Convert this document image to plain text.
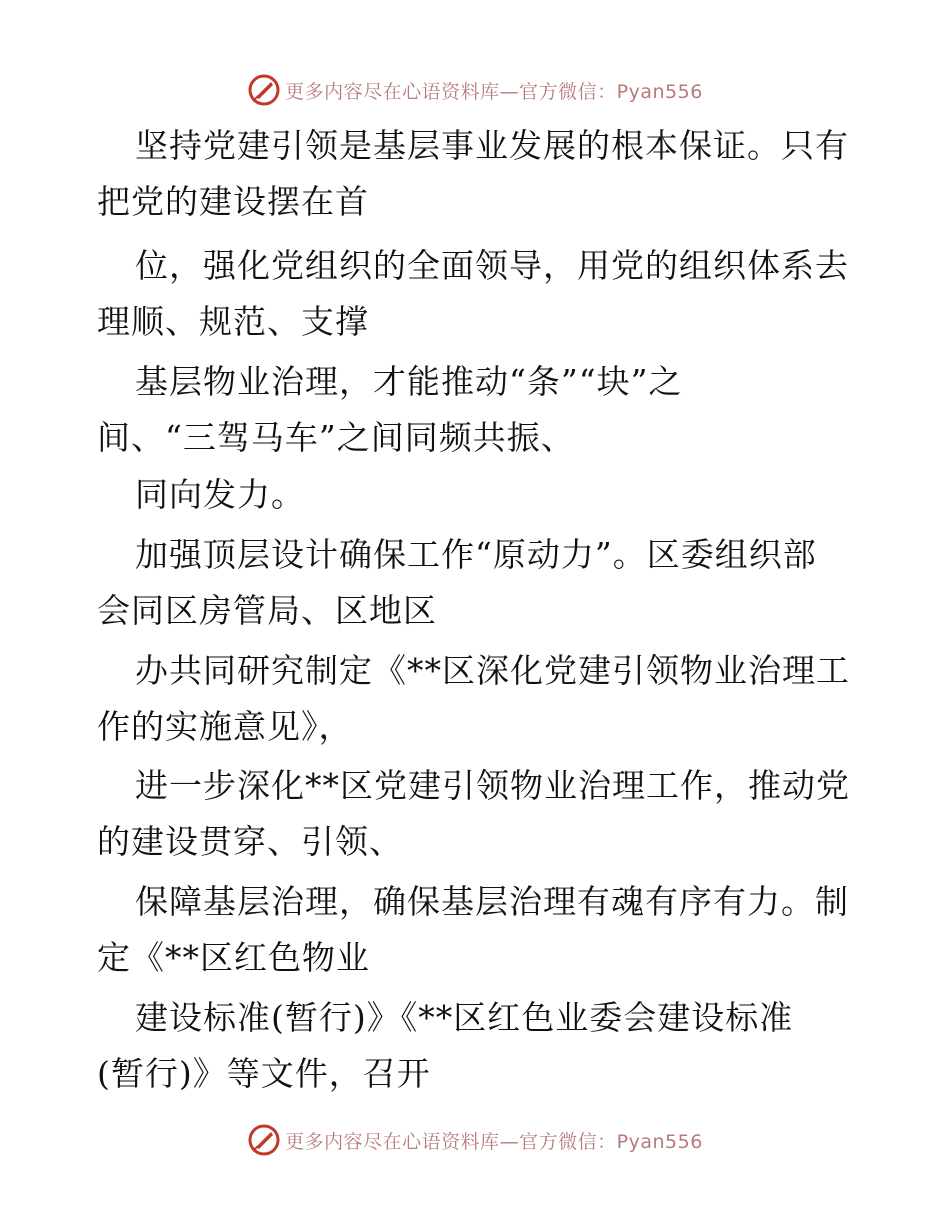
更多内容尽在心语资料库—官方微信：Pyan556
坚持党建引领是基层事业发展的根本保证。只有
把党的建设摆在首
位，强化党组织的全面领导，用党的组织体系去
理顺、规范、支撑
基层物业治理，才能推动“条”“块”之
间、“三驾马车”之间同频共振、
同向发力。
加强顶层设计确保工作“原动力”。区委组织部
会同区房管局、区地区
办共同研究制定《**区深化党建引领物业治理工
作的实施意见》，
进一步深化**区党建引领物业治理工作，推动党
的建设贯穿、引领、
保障基层治理，确保基层治理有魂有序有力。制
定《**区红色物业
建设标准(暂行)》《**区红色业委会建设标准
(暂行)》等文件，召开
更多内容尽在心语资料库—官方微信：Pyan556
